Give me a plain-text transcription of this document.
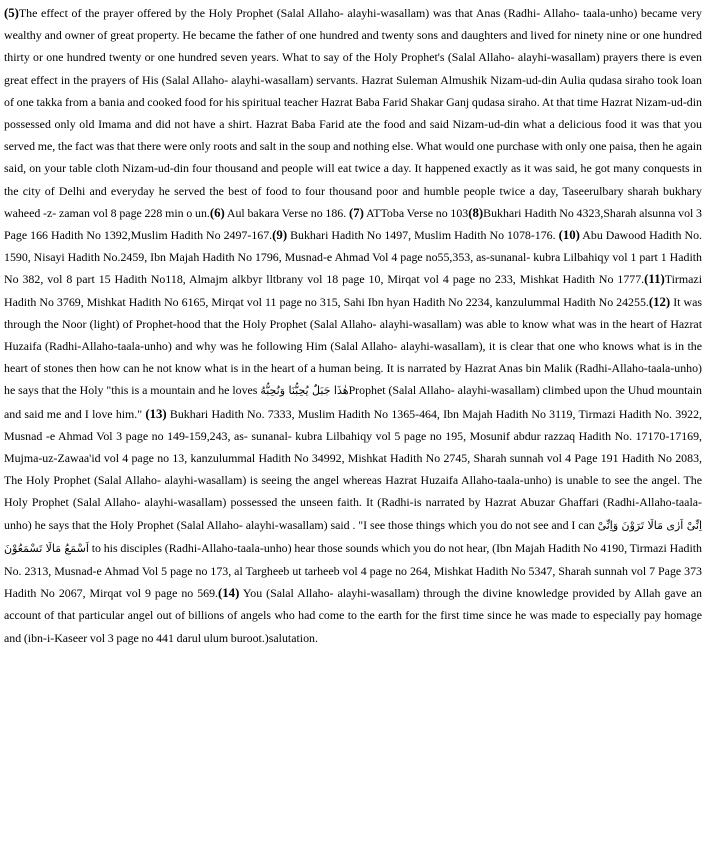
(5)The effect of the prayer offered by the Holy Prophet (Salal Allaho- alayhi-wasallam) was that Anas (Radhi- Allaho- taala-unho) became very wealthy and owner of great property. He became the father of one hundred and twenty sons and daughters and lived for ninety nine or one hundred thirty or one hundred twenty or one hundred seven years. What to say of the Holy Prophet's (Salal Allaho- alayhi-wasallam) prayers there is even great effect in the prayers of His (Salal Allaho- alayhi-wasallam) servants. Hazrat Suleman Almushik Nizam-ud-din Aulia qudasa siraho took loan of one takka from a bania and cooked food for his spiritual teacher Hazrat Baba Farid Shakar Ganj qudasa siraho. At that time Hazrat Nizam-ud-din possessed only old Imama and did not have a shirt. Hazrat Baba Farid ate the food and said Nizam-ud-din what a delicious food it was that you served me, the fact was that there were only roots and salt in the soup and nothing else. What would one purchase with only one paisa, then he again said, on your table cloth Nizam-ud-din four thousand and people will eat twice a day. It happened exactly as it was said, he got many conquests in the city of Delhi and everyday he served the best of food to four thousand poor and humble people twice a day, Taseerulbary sharah bukhary waheed -z- zaman vol 8 page 228 min o un.(6) Aul bakara Verse no 186. (7) ATToba Verse no 103(8)Bukhari Hadith No 4323,Sharah alsunna vol 3 Page 166 Hadith No 1392,Muslim Hadith No 2497-167.(9) Bukhari Hadith No 1497, Muslim Hadith No 1078-176. (10) Abu Dawood Hadith No. 1590, Nisayi Hadith No.2459, Ibn Majah Hadith No 1796, Musnad-e Ahmad Vol 4 page no55,353, as-sunanal- kubra Lilbahiqy vol 1 part 1 Hadith No 382, vol 8 part 15 Hadith No118, Almajm alkbyr lltbrany vol 18 page 10, Mirqat vol 4 page no 233, Mishkat Hadith No 1777.(11)Tirmazi Hadith No 3769, Mishkat Hadith No 6165, Mirqat vol 11 page no 315, Sahi Ibn hyan Hadith No 2234, kanzulummal Hadith No 24255.(12) It was through the Noor (light) of Prophet-hood that the Holy Prophet (Salal Allaho- alayhi-wasallam) was able to know what was in the heart of Hazrat Huzaifa (Radhi-Allaho-taala-unho) and why was he following Him (Salal Allaho- alayhi-wasallam), it is clear that one who knows what is in the heart of stones then how can he not know what is in the heart of a human being. It is narrated by Hazrat Anas bin Malik (Radhi-Allaho-taala-unho) he says that the Holy "this is a mountain and he loves هٰذَا جَبَلٌ يُحِبُّنَا وَنُحِبُّهُProphet (Salal Allaho- alayhi-wasallam) climbed upon the Uhud mountain and said me and I love him." (13) Bukhari Hadith No. 7333, Muslim Hadith No 1365-464, Ibn Majah Hadith No 3119, Tirmazi Hadith No. 3922, Musnad -e Ahmad Vol 3 page no 149-159,243, as- sunanal- kubra Lilbahiqy vol 5 page no 195, Mosunif abdur razzaq Hadith No. 17170-17169, Mujma-uz-Zawaa'id vol 4 page no 13, kanzulummal Hadith No 34992, Mishkat Hadith No 2745, Sharah sunnah vol 4 Page 191 Hadith No 2083, The Holy Prophet (Salal Allaho- alayhi-wasallam) is seeing the angel whereas Hazrat Huzaifa Allaho-taala-unho) is unable to see the angel. The Holy Prophet (Salal Allaho- alayhi-wasallam) possessed the unseen faith. It (Radhi-is narrated by Hazrat Abuzar Ghaffari (Radhi-Allaho-taala-unho) he says that the Holy Prophet (Salal Allaho- alayhi-wasallam) said . "I see those things which you do not see and I can اِنِّیْ اَرٰی مَالَا تَرَوْنَ وَاِنِّیْ اَسْمَعُ مَالَا تَسْمَعُوْنَ to his disciples (Radhi-Allaho-taala-unho) hear those sounds which you do not hear, (Ibn Majah Hadith No 4190, Tirmazi Hadith No. 2313, Musnad-e Ahmad Vol 5 page no 173, al Targheeb ut tarheeb vol 4 page no 264, Mishkat Hadith No 5347, Sharah sunnah vol 7 Page 373 Hadith No 2067, Mirqat vol 9 page no 569.(14) You (Salal Allaho- alayhi-wasallam) through the divine knowledge provided by Allah gave an account of that particular angel out of billions of angels who had come to the earth for the first time since he was made to especially pay homage and (ibn-i-Kaseer vol 3 page no 441 darul ulum buroot.)salutation.
